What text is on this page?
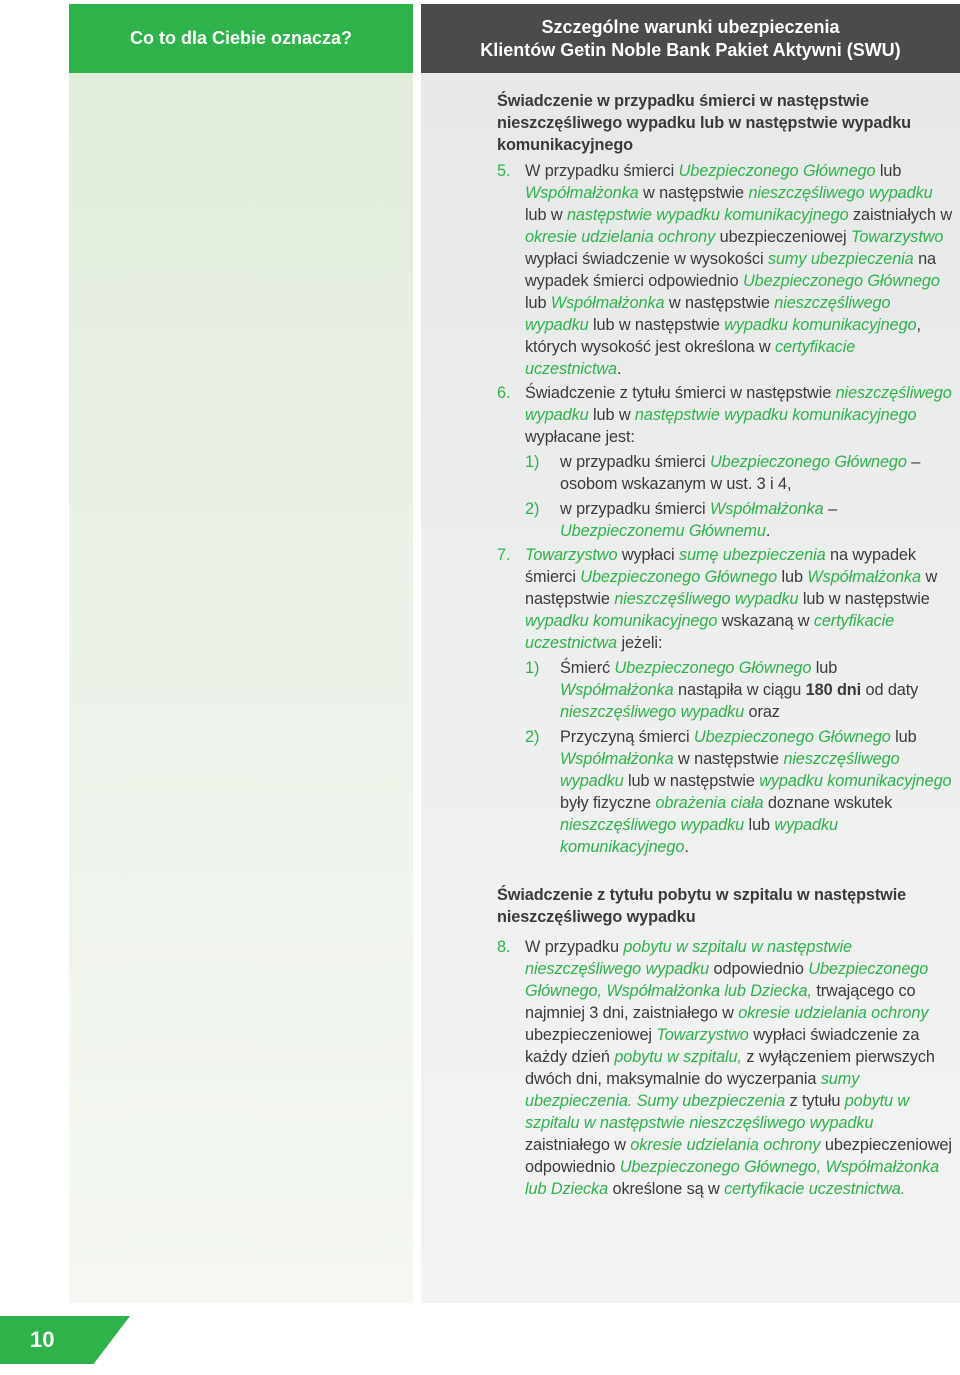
Co to dla Ciebie oznacza?
Szczególne warunki ubezpieczenia
Klientów Getin Noble Bank Pakiet Aktywni (SWU)

Świadczenie w przypadku śmierci w następstwie nieszczęśliwego wypadku lub w następstwie wypadku komunikacyjnego

5. W przypadku śmierci Ubezpieczonego Głównego lub Współmałżonka w następstwie nieszczęśliwego wypadku lub w następstwie wypadku komunikacyjnego zaistniałych w okresie udzielania ochrony ubezpieczeniowej Towarzystwo wypłaci świadczenie w wysokości sumy ubezpieczenia na wypadek śmierci odpowiednio Ubezpieczonego Głównego lub Współmałżonka w następstwie nieszczęśliwego wypadku lub w następstwie wypadku komunikacyjnego, których wysokość jest określona w certyfikacie uczestnictwa.
6. Świadczenie z tytułu śmierci w następstwie nieszczęśliwego wypadku lub w następstwie wypadku komunikacyjnego wypłacane jest:
1)	w przypadku śmierci Ubezpieczonego Głównego – osobom wskazanym w ust. 3 i 4,
2)	w przypadku śmierci Współmałżonka – Ubezpieczonemu Głównemu.
7. Towarzystwo wypłaci sumę ubezpieczenia na wypadek śmierci Ubezpieczonego Głównego lub Współmałżonka w następstwie nieszczęśliwego wypadku lub w następstwie wypadku komunikacyjnego wskazaną w certyfikacie uczestnictwa jeżeli:
1)	Śmierć Ubezpieczonego Głównego lub Współmałżonka nastąpiła w ciągu 180 dni od daty nieszczęśliwego wypadku oraz
2)	Przyczyną śmierci Ubezpieczonego Głównego lub Współmałżonka w następstwie nieszczęśliwego wypadku lub w następstwie wypadku komunikacyjnego były fizyczne obrażenia ciała doznane wskutek nieszczęśliwego wypadku lub wypadku komunikacyjnego.

Świadczenie z tytułu pobytu w szpitalu w następstwie nieszczęśliwego wypadku

8. W przypadku pobytu w szpitalu w następstwie nieszczęśliwego wypadku odpowiednio Ubezpieczonego Głównego, Współmałżonka lub Dziecka, trwającego co najmniej 3 dni, zaistniałego w okresie udzielania ochrony ubezpieczeniowej Towarzystwo wypłaci świadczenie za każdy dzień pobytu w szpitalu, z wyłączeniem pierwszych dwóch dni, maksymalnie do wyczerpania sumy ubezpieczenia. Sumy ubezpieczenia z tytułu pobytu w szpitalu w następstwie nieszczęśliwego wypadku zaistniałego w okresie udzielania ochrony ubezpieczeniowej odpowiednio Ubezpieczonego Głównego, Współmałżonka lub Dziecka określone są w certyfikacie uczestnictwa.
10
